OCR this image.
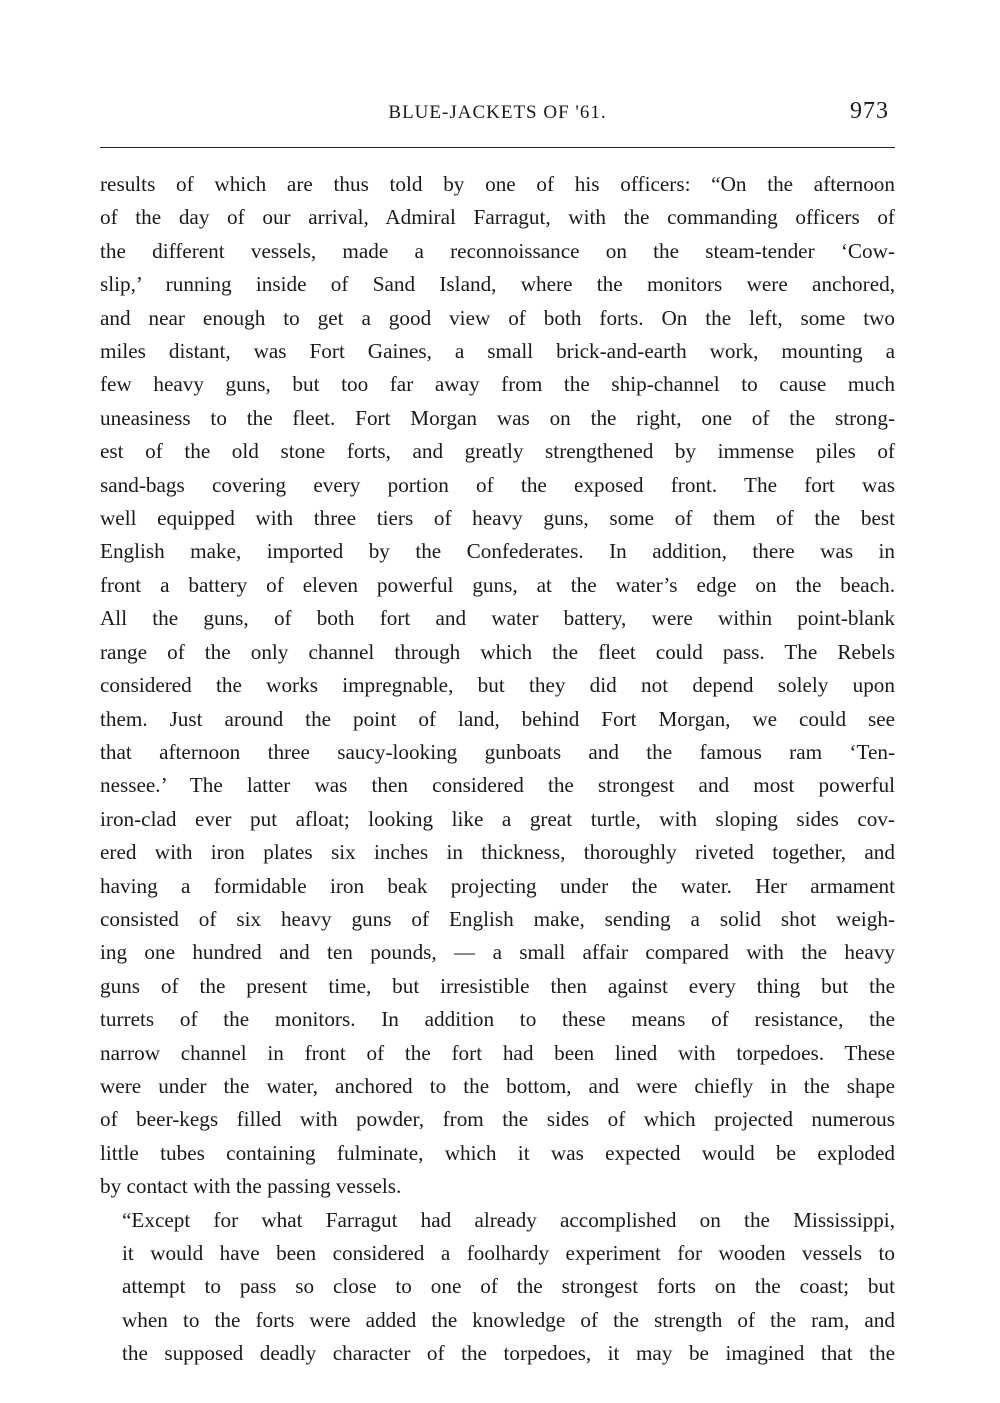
BLUE-JACKETS OF '61.	973

results of which are thus told by one of his officers: “On the afternoon
of the day of our arrival, Admiral Farragut, with the commanding officers of
the different vessels, made a reconnoissance on the steam-tender ‘Cow-
slip,’ running inside of Sand Island, where the monitors were anchored,
and near enough to get a good view of both forts. On the left, some two
miles distant, was Fort Gaines, a small brick-and-earth work, mounting a
few heavy guns, but too far away from the ship-channel to cause much
uneasiness to the fleet. Fort Morgan was on the right, one of the strong-
est of the old stone forts, and greatly strengthened by immense piles of
sand-bags covering every portion of the exposed front. The fort was
well equipped with three tiers of heavy guns, some of them of the best
English make, imported by the Confederates. In addition, there was in
front a battery of eleven powerful guns, at the water’s edge on the beach.
All the guns, of both fort and water battery, were within point-blank
range of the only channel through which the fleet could pass. The Rebels
considered the works impregnable, but they did not depend solely upon
them. Just around the point of land, behind Fort Morgan, we could see
that afternoon three saucy-looking gunboats and the famous ram ‘Ten-
nessee.’ The latter was then considered the strongest and most powerful
iron-clad ever put afloat; looking like a great turtle, with sloping sides cov-
ered with iron plates six inches in thickness, thoroughly riveted together, and
having a formidable iron beak projecting under the water. Her armament
consisted of six heavy guns of English make, sending a solid shot weigh-
ing one hundred and ten pounds, — a small affair compared with the heavy
guns of the present time, but irresistible then against every thing but the
turrets of the monitors. In addition to these means of resistance, the
narrow channel in front of the fort had been lined with torpedoes. These
were under the water, anchored to the bottom, and were chiefly in the shape
of beer-kegs filled with powder, from the sides of which projected numerous
little tubes containing fulminate, which it was expected would be exploded
by contact with the passing vessels.

“Except for what Farragut had already accomplished on the Mississippi,
it would have been considered a foolhardy experiment for wooden vessels to
attempt to pass so close to one of the strongest forts on the coast; but
when to the forts were added the knowledge of the strength of the ram, and
the supposed deadly character of the torpedoes, it may be imagined that the
